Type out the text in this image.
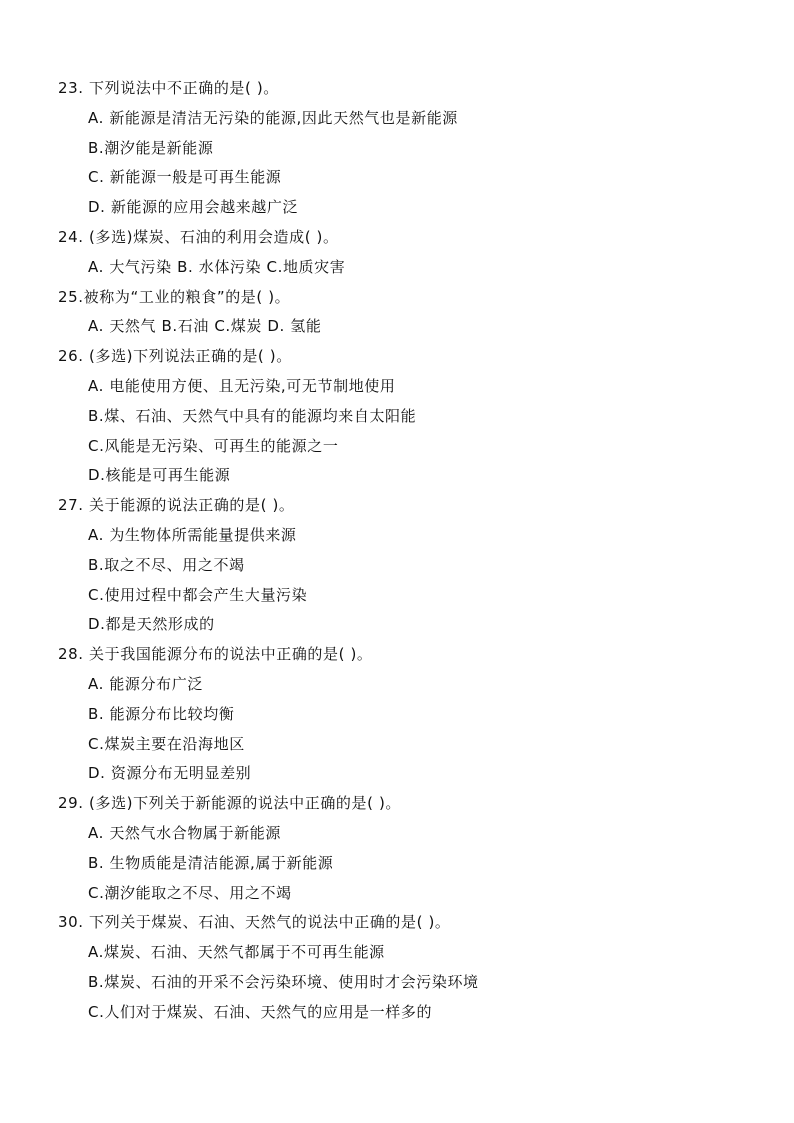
23. 下列说法中不正确的是( )。
A. 新能源是清洁无污染的能源,因此天然气也是新能源
B.潮汐能是新能源
C. 新能源一般是可再生能源
D. 新能源的应用会越来越广泛
24. (多选)煤炭、石油的利用会造成( )。
A. 大气污染 B. 水体污染 C.地质灾害
25.被称为“工业的粮食”的是( )。
A. 天然气 B.石油 C.煤炭 D. 氢能
26. (多选)下列说法正确的是( )。
A. 电能使用方便、且无污染,可无节制地使用
B.煤、石油、天然气中具有的能源均来自太阳能
C.风能是无污染、可再生的能源之一
D.核能是可再生能源
27. 关于能源的说法正确的是( )。
A. 为生物体所需能量提供来源
B.取之不尽、用之不竭
C.使用过程中都会产生大量污染
D.都是天然形成的
28. 关于我国能源分布的说法中正确的是( )。
A. 能源分布广泛
B. 能源分布比较均衡
C.煤炭主要在沿海地区
D. 资源分布无明显差别
29. (多选)下列关于新能源的说法中正确的是( )。
A. 天然气水合物属于新能源
B. 生物质能是清洁能源,属于新能源
C.潮汐能取之不尽、用之不竭
30. 下列关于煤炭、石油、天然气的说法中正确的是( )。
A.煤炭、石油、天然气都属于不可再生能源
B.煤炭、石油的开采不会污染环境、使用时才会污染环境
C.人们对于煤炭、石油、天然气的应用是一样多的
